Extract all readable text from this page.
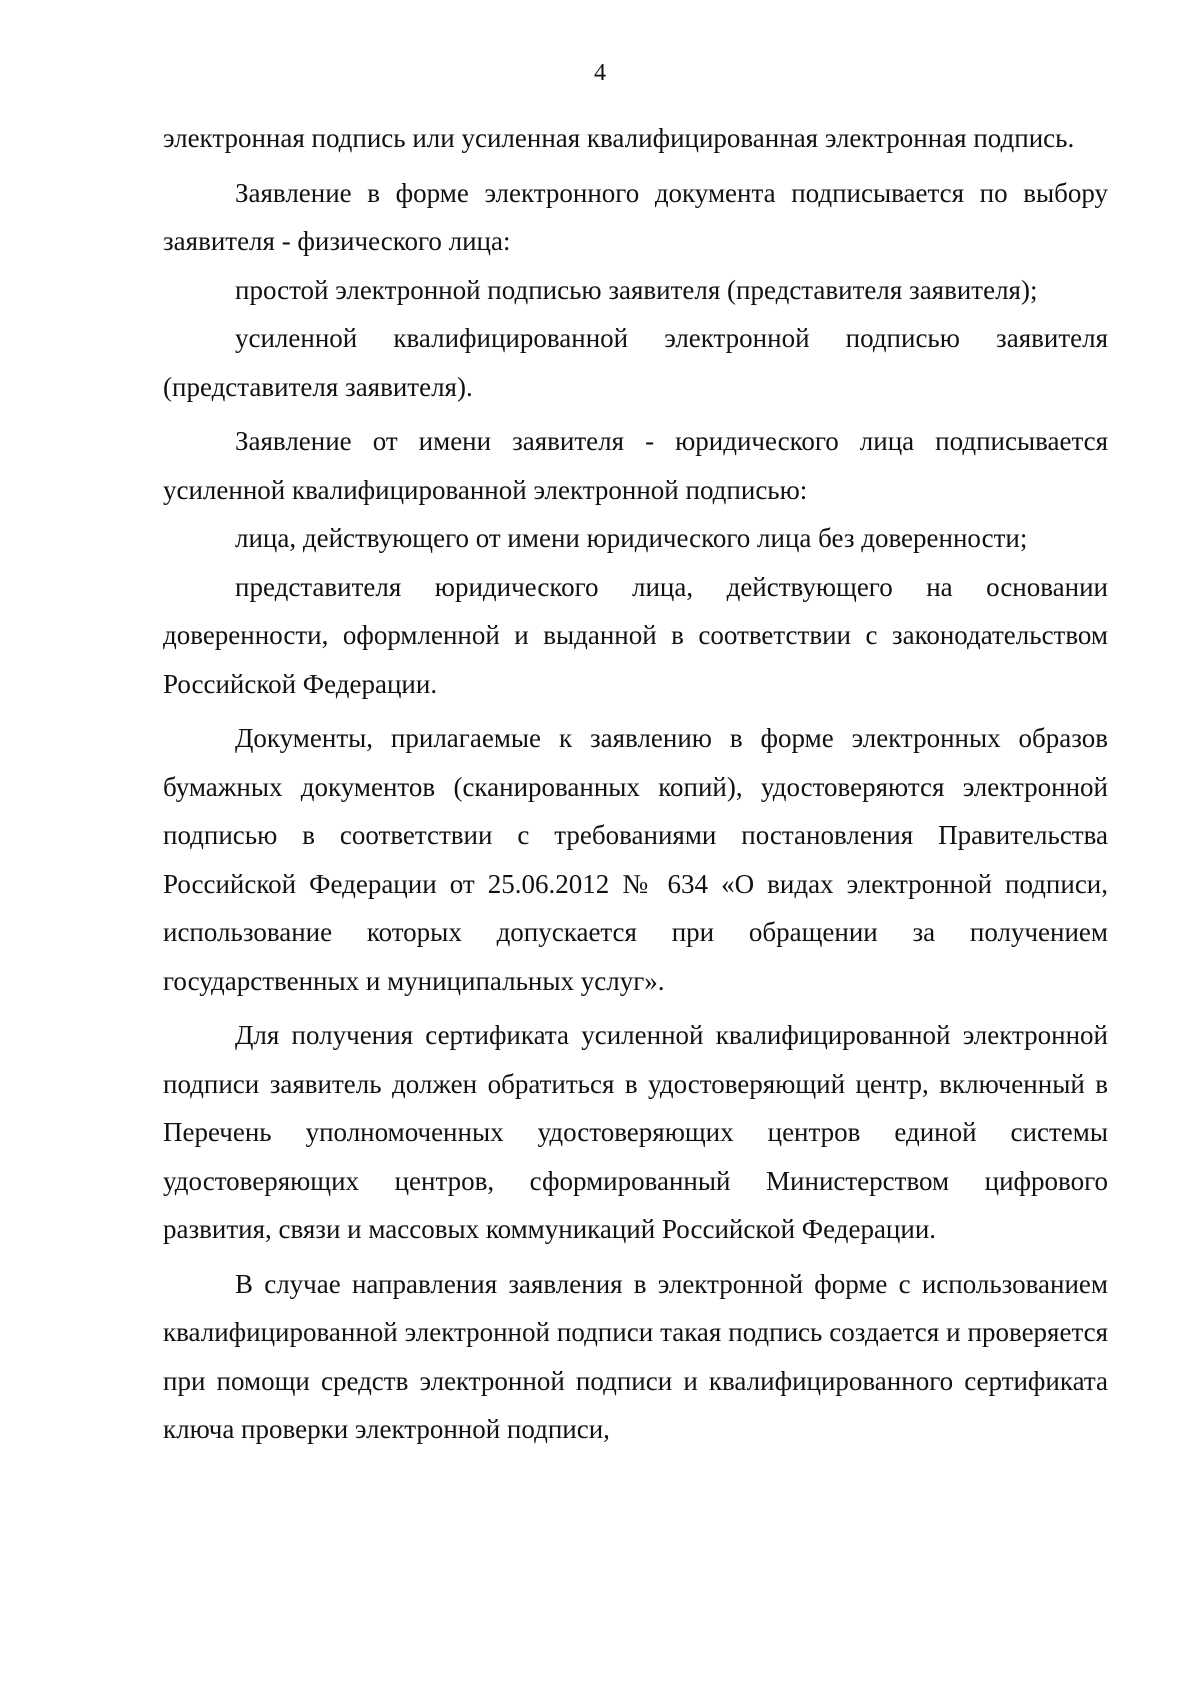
4

электронная подпись или усиленная квалифицированная электронная подпись.

Заявление в форме электронного документа подписывается по выбору заявителя - физического лица:

простой электронной подписью заявителя (представителя заявителя);

усиленной квалифицированной электронной подписью заявителя (представителя заявителя).

Заявление от имени заявителя - юридического лица подписывается усиленной квалифицированной электронной подписью:

лица, действующего от имени юридического лица без доверенности;

представителя юридического лица, действующего на основании доверенности, оформленной и выданной в соответствии с законодательством Российской Федерации.

Документы, прилагаемые к заявлению в форме электронных образов бумажных документов (сканированных копий), удостоверяются электронной подписью в соответствии с требованиями постановления Правительства Российской Федерации от 25.06.2012 № 634 «О видах электронной подписи, использование которых допускается при обращении за получением государственных и муниципальных услуг».

Для получения сертификата усиленной квалифицированной электронной подписи заявитель должен обратиться в удостоверяющий центр, включенный в Перечень уполномоченных удостоверяющих центров единой системы удостоверяющих центров, сформированный Министерством цифрового развития, связи и массовых коммуникаций Российской Федерации.

В случае направления заявления в электронной форме с использованием квалифицированной электронной подписи такая подпись создается и проверяется при помощи средств электронной подписи и квалифицированного сертификата ключа проверки электронной подписи,
